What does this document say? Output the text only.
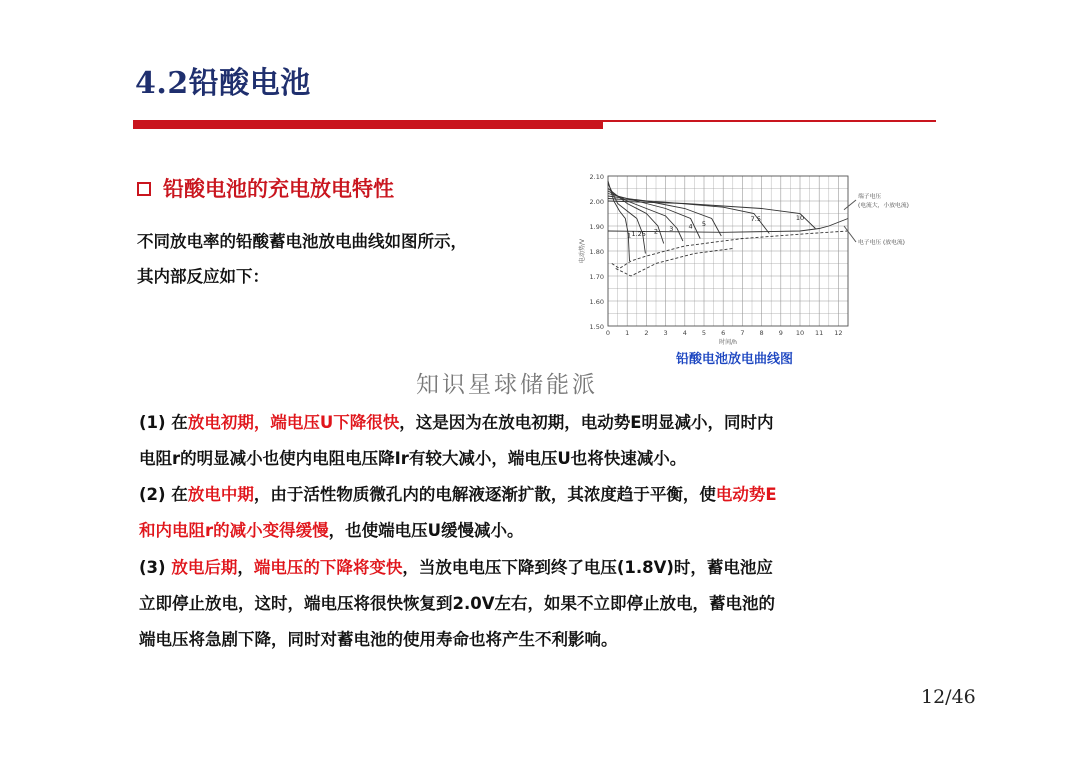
4.2铅酸电池
铅酸电池的充电放电特性
不同放电率的铅酸蓄电池放电曲线如图所示，
其内部反应如下：
1.50
1.60
1.70
1.80
1.90
2.00
2.10
0 1 2 3 4 5 6 7 8 9 10 11 12
时间/h
电动势/V
1 1.25 2 3 4 5
7.5	10
端子电压
(电流大，小放电流)
电子电压 (放电流)
铅酸电池放电曲线图
知识星球储能派
(1) 在放电初期，端电压U下降很快，这是因为在放电初期，电动势E明显减小，同时内
电阻r的明显减小也使内电阻电压降Ir有较大减小，端电压U也将快速减小。
(2) 在放电中期，由于活性物质微孔内的电解液逐渐扩散，其浓度趋于平衡，使电动势E
和内电阻r的减小变得缓慢，也使端电压U缓慢减小。
(3) 放电后期，端电压的下降将变快，当放电电压下降到终了电压(1.8V)时，蓄电池应
立即停止放电，这时，端电压将很快恢复到2.0V左右，如果不立即停止放电，蓄电池的
端电压将急剧下降，同时对蓄电池的使用寿命也将产生不利影响。
12/46
